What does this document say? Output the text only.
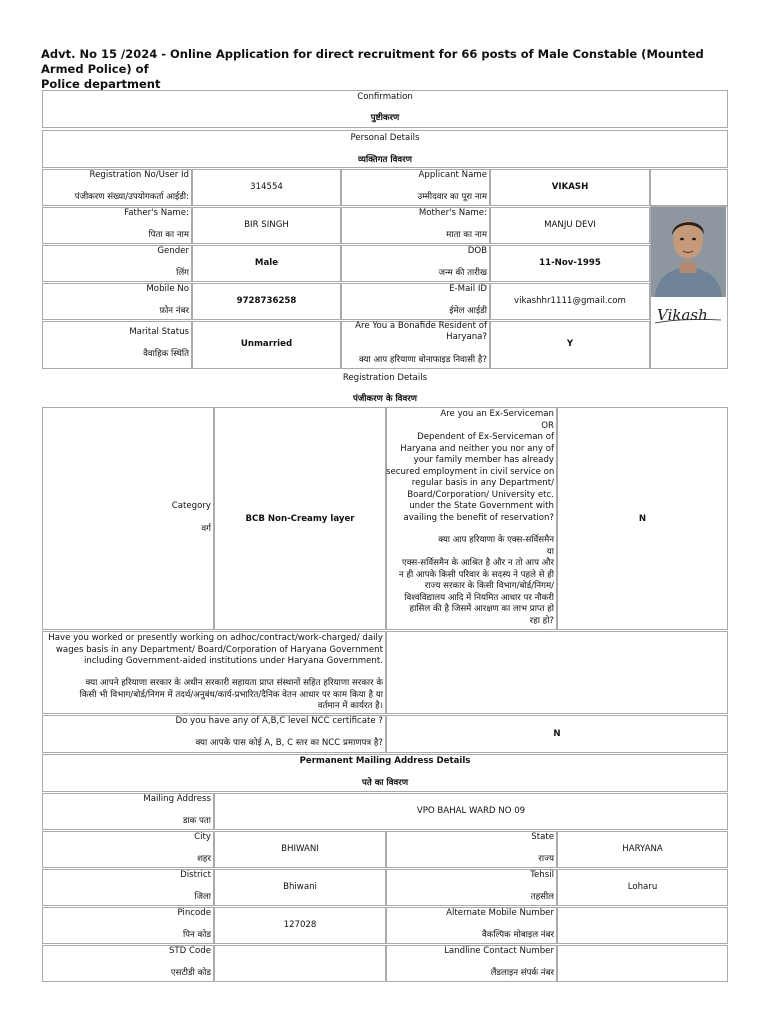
Advt. No 15 /2024 - Online Application for direct recruitment for 66 posts of Male Constable (Mounted Armed Police) of
Police department
Confirmation
पुष्टीकरण
Personal Details
व्यक्तिगत विवरण
Registration No/User Id
पंजीकरण संख्या/उपयोगकर्ता आईडी:
314554
Applicant Name
उम्मीदवार का पूरा नाम
VIKASH
Father's Name:
पिता का नाम
BIR SINGH
Mother's Name:
माता का नाम
MANJU DEVI
Gender
लिंग
Male
DOB
जन्म की तारीख
11-Nov-1995
Mobile No
फ़ोन नंबर
9728736258
E-Mail ID
ईमेल आईडी
vikashhr1111@gmail.com
Marital Status
वैवाहिक स्थिति
Unmarried
Are You a Bonafide Resident of
Haryana?
क्या आप हरियाणा बोनाफाइड निवासी है?
Y
Vikash
Registration Details
पंजीकरण के विवरण
Category
वर्ग
BCB Non-Creamy layer
Are you an Ex-Serviceman
OR
Dependent of Ex-Serviceman of
Haryana and neither you nor any of
your family member has already
secured employment in civil service on
regular basis in any Department/
Board/Corporation/ University etc.
under the State Government with
availing the benefit of reservation?
क्या आप हरियाणा के एक्स-सर्विसमैन
या
एक्स-सर्विसमैन के आश्रित है और न तो आप और
न ही आपके किसी परिवार के सदस्य ने पहले से ही
राज्य सरकार के किसी विभाग/बोर्ड/निगम/
विश्वविद्यालय आदि में नियमित आधार पर नौकरी
हासिल की है जिसमें आरक्षण का लाभ प्राप्त हो
रहा हो?
N
Have you worked or presently working on adhoc/contract/work-charged/ daily
wages basis in any Department/ Board/Corporation of Haryana Government
including Government-aided institutions under Haryana Government.
क्या आपने हरियाणा सरकार के अधीन सरकारी सहायता प्राप्त संस्थानों सहित हरियाणा सरकार के
किसी भी विभाग/बोर्ड/निगम में तदर्थ/अनुबंध/कार्य-प्रभारित/दैनिक वेतन आधार पर काम किया है या
वर्तमान में कार्यरत है।
Do you have any of A,B,C level NCC certificate ?
क्या आपके पास कोई A, B, C स्तर का NCC प्रमाणपत्र है?
N
Permanent Mailing Address Details
पते का विवरण
Mailing Address
डाक पता
VPO BAHAL WARD NO 09
City
शहर
BHIWANI
State
राज्य
HARYANA
District
जिला
Bhiwani
Tehsil
तहसील
Loharu
Pincode
पिन कोड
127028
Alternate Mobile Number
वैकल्पिक मोबाइल नंबर
STD Code
एसटीडी कोड
Landline Contact Number
लैंडलाइन संपर्क नंबर
